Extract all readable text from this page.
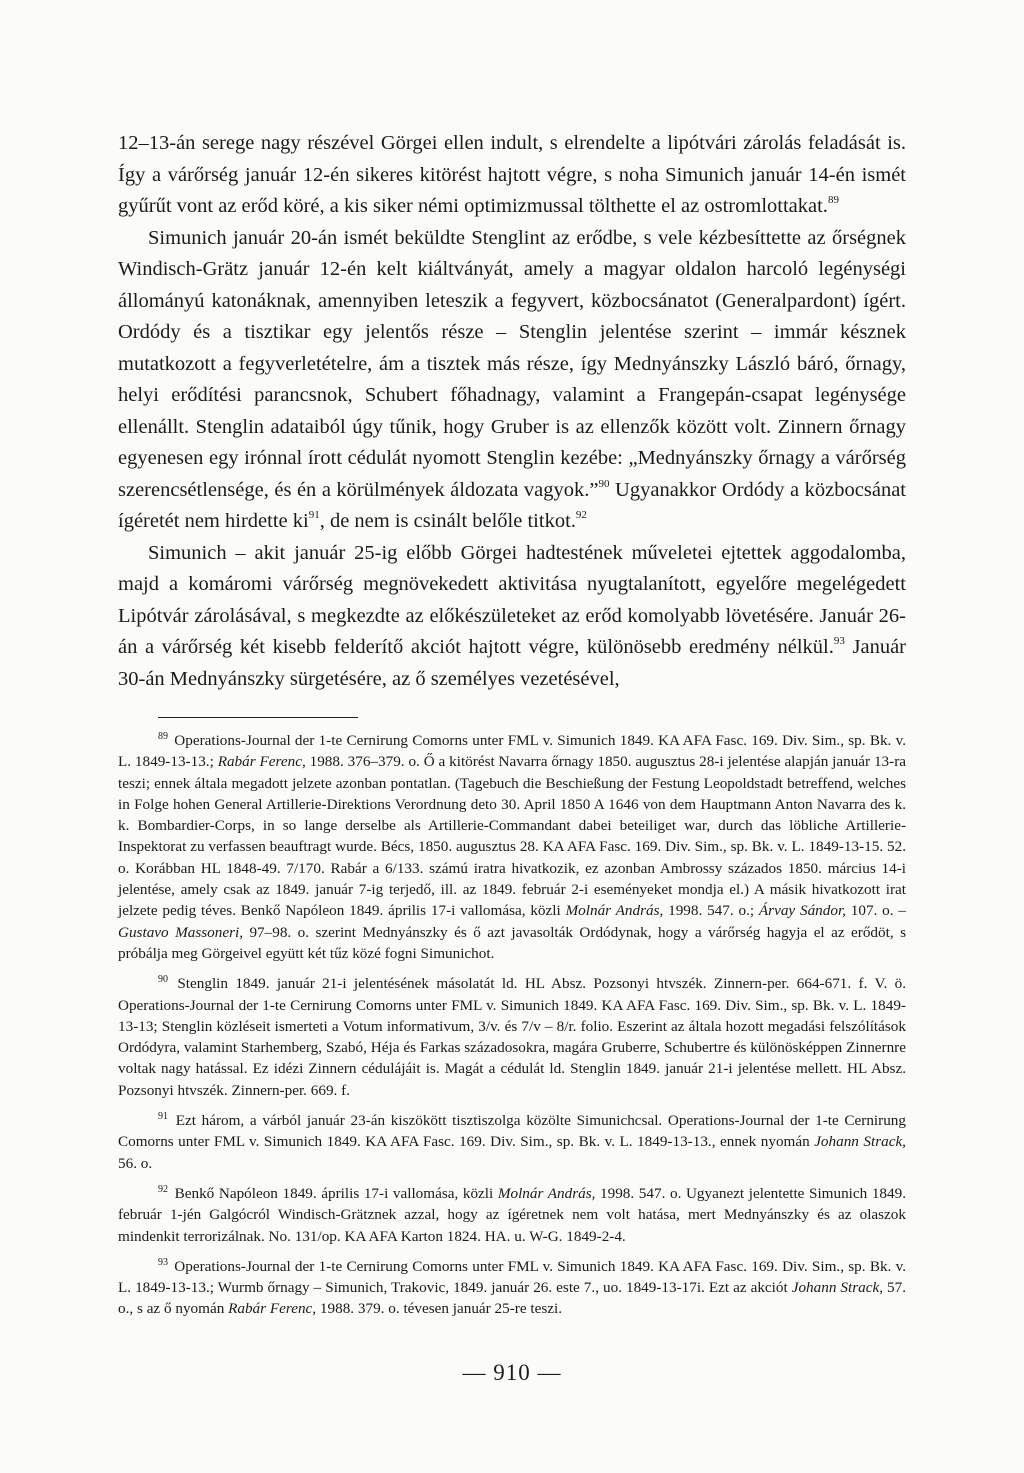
12–13-án serege nagy részével Görgei ellen indult, s elrendelte a lipótvári zárolás feladását is. Így a várőrség január 12-én sikeres kitörést hajtott végre, s noha Simunich január 14-én ismét gyűrűt vont az erőd köré, a kis siker némi optimizmussal tölthette el az ostromlottakat.$^{89}$

Simunich január 20-án ismét beküldte Stenglint az erődbe, s vele kézbesíttette az őrségnek Windisch-Grätz január 12-én kelt kiáltványát, amely a magyar oldalon harcoló legénységi állományú katonáknak, amennyiben leteszik a fegyvert, közbocsánatot (Generalpardont) ígért. Ordódy és a tisztikar egy jelentős része – Stenglin jelentése szerint – immár késznek mutatkozott a fegyverletételre, ám a tisztek más része, így Mednyánszky László báró, őrnagy, helyi erődítési parancsnok, Schubert főhadnagy, valamint a Frangepán-csapat legénysége ellenállt. Stenglin adataiból úgy tűnik, hogy Gruber is az ellenzők között volt. Zinnern őrnagy egyenesen egy irónnal írott cédulát nyomott Stenglin kezébe: „Mednyánszky őrnagy a várőrség szerencsétlensége, és én a körülmények áldozata vagyok.”$^{90}$ Ugyanakkor Ordódy a közbocsánat ígéretét nem hirdette $ki^{91}$, de nem is csinált belőle titkot.$^{92}$

Simunich – akit január 25-ig előbb Görgei hadtestének műveletei ejtettek aggodalomba, majd a komáromi várőrség megnövekedett aktivitása nyugtalanított, egyelőre megelégedett Lipótvár zárolásával, s megkezdte az előkészületeket az erőd komolyabb lövetésére. Január 26-án a várőrség két kisebb felderítő akciót hajtott végre, különösebb eredmény nélkül.$^{93}$ Január 30-án Mednyánszky sürgetésére, az ő személyes vezetésével,

$^{89}$ Operations-Journal der 1-te Cernirung Comorns unter FML v. Simunich 1849. KA AFA Fasc. 169. Div. Sim., sp. Bk. v. L. 1849-13-13.; Rabár Ferenc, 1988. 376–379. o. Ő a kitörést Navarra őrnagy 1850. augusztus 28-i jelentése alapján január 13-ra teszi; ennek általa megadott jelzete azonban pontatlan. (Tagebuch die Beschießung der Festung Leopoldstadt betreffend, welches in Folge hohen General Artillerie-Direktions Verordnung deto 30. April 1850 A 1646 von dem Hauptmann Anton Navarra des k. k. Bombardier-Corps, in so lange derselbe als Artillerie-Commandant dabei beteiliget war, durch das löbliche Artillerie-Inspektorat zu verfassen beauftragt wurde. Bécs, 1850. augusztus 28. KA AFA Fasc. 169. Div. Sim., sp. Bk. v. L. 1849-13-15. 52. o. Korábban HL 1848-49. 7/170. Rabár a 6/133. számú iratra hivatkozik, ez azonban Ambrossy százados 1850. március 14-i jelentése, amely csak az 1849. január 7-ig terjedő, ill. az 1849. február 2-i eseményeket mondja el.) A másik hivatkozott irat jelzete pedig téves. Benkő Napóleon 1849. április 17-i vallomása, közli Molnár András, 1998. 547. o.; Árvay Sándor, 107. o. – Gustavo Massoneri, 97–98. o. szerint Mednyánszky és ő azt javasolták Ordódynak, hogy a várőrség hagyja el az erődöt, s próbálja meg Görgeivel együtt két tűz közé fogni Simunichot.

$^{90}$ Stenglin 1849. január 21-i jelentésének másolatát ld. HL Absz. Pozsonyi htvszék. Zinnern-per. 664-671. f. V. ö. Operations-Journal der 1-te Cernirung Comorns unter FML v. Simunich 1849. KA AFA Fasc. 169. Div. Sim., sp. Bk. v. L. 1849-13-13; Stenglin közléseit ismerteti a Votum informativum, 3/v. és 7/v – 8/r. folio. Eszerint az általa hozott megadási felszólítások Ordódyra, valamint Starhemberg, Szabó, Héja és Farkas századosokra, magára Gruberre, Schubertre és különösképpen Zinnernre voltak nagy hatással. Ez idézi Zinnern cédulájáit is. Magát a cédulát ld. Stenglin 1849. január 21-i jelentése mellett. HL Absz. Pozsonyi htvszék. Zinnern-per. 669. f.

$^{91}$ Ezt három, a várból január 23-án kiszökött tisztiszolga közölte Simunichcsal. Operations-Journal der 1-te Cernirung Comorns unter FML v. Simunich 1849. KA AFA Fasc. 169. Div. Sim., sp. Bk. v. L. 1849-13-13., ennek nyomán Johann Strack, 56. o.

$^{92}$ Benkő Napóleon 1849. április 17-i vallomása, közli Molnár András, 1998. 547. o. Ugyanezt jelentette Simunich 1849. február 1-jén Galgócról Windisch-Grätznek azzal, hogy az ígéretnek nem volt hatása, mert Mednyánszky és az olaszok mindenkit terrorizálnak. No. 131/op. KA AFA Karton 1824. HA. u. W-G. 1849-2-4.

$^{93}$ Operations-Journal der 1-te Cernirung Comorns unter FML v. Simunich 1849. KA AFA Fasc. 169. Div. Sim., sp. Bk. v. L. 1849-13-13.; Wurmb őrnagy – Simunich, Trakovic, 1849. január 26. este 7., uo. 1849-13-17i. Ezt az akciót Johann Strack, 57. o., s az ő nyomán Rabár Ferenc, 1988. 379. o. tévesen január 25-re teszi.

— 910 —
